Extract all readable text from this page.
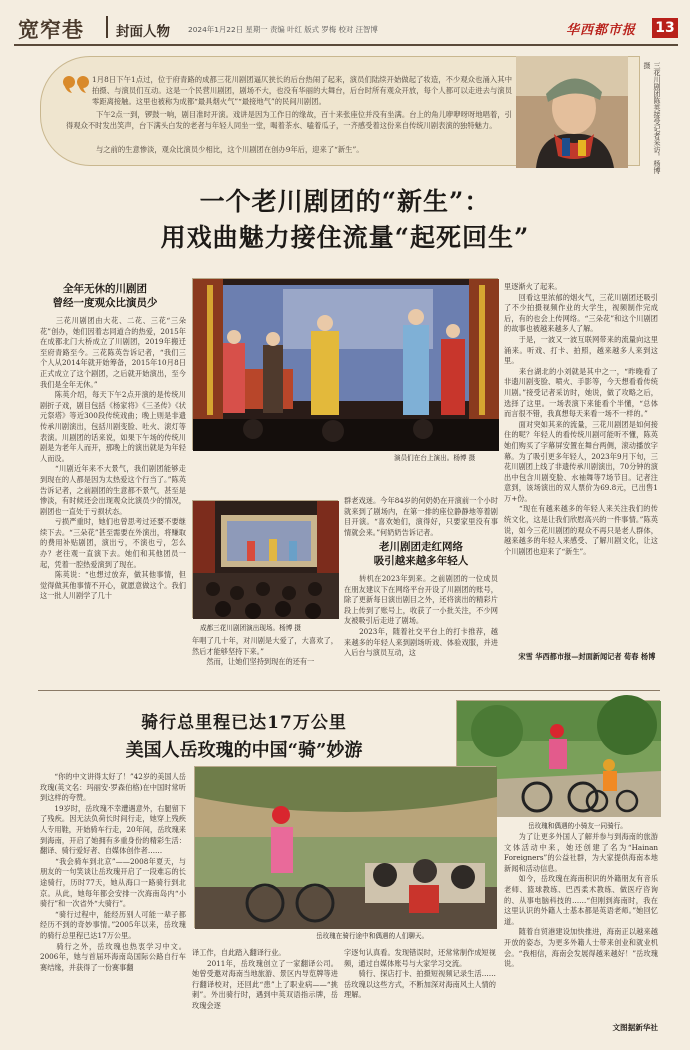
宽窄巷 封面人物 2024年1月22日 星期一 责编 叶红 版式 罗梅 校对 汪智博	华西都市报 13
1月8日下午1点过，位于府青路的成都三花川剧团逼仄狭长的后台热闹了起来，演员们陆续开始做起了妆造，不少观众也涌入其中拍摄、与演员们互动。这是一个民营川剧团，剧场不大，也没有华丽的大舞台，后台时所有观众开放，每个人都可以走进去与演员零距离接触。这里也被称为成都“最具烟火气”“最接地气”的民间川剧团。
下午2点一到，锣鼓一响，剧目准时开演。戏讲是因为工作日的缘故，百十来张座位并没有坐满。台上的角儿咿咿呀呀地唱着，引得观众不时发出笑声，台下满头白发的老者与年轻人同坐一堂，喝着茶水、嗑着瓜子，一齐感受着这份来自传统川剧表演的独特魅力。
与之前的生意惨淡，观众比演员少相比，这个川剧团在创办9年后，迎来了“新生”。	三花川剧团陈英接受记者采访。杨博 摄
一个老川剧团的“新生”：
用戏曲魅力接住流量“起死回生”
全年无休的川剧团
曾经一度观众比演员少
　　三花川剧团由大花、二花、三花“三朵花”创办，她们因着志同道合的热爱，2015年在成都北门大桥成立了川剧团，2019年搬迁至府青路至今。三花陈英告诉记者，“我们三个人从2014年就开始筹备，2015年10月8日正式成立了这个剧团，之后就开始演出，至今我们是全年无休。”
　　陈英介绍，每天下午2点开演的是传统川剧折子戏，剧目包括《杨家将》《三圣传》《状元祭塔》等近300段传统戏曲；晚上则是非遗传承川剧演出，包括川剧变脸、吐火、滚灯等表演。川剧团的话来说，如果下午场的传统川剧是为老年人而开，那晚上的演出就是为年轻人而设。
　　“川剧近年来不大景气，我们剧团能够走到现在的人都是因为太热爱这个行当了。”陈英告诉记者，之前剧团的生意都不景气，甚至是惨淡，有时候还会出现观众比演员少的情况，剧团也一直处于亏损状态。
　　亏损严重时，她们也曾思考过还要不要继续下去。“三朵花”甚至需要在外演出，将赚取的费用补贴剧团，演出亏，不演也亏，怎么办？老往观一直演下去。她们和其他团员一起，凭着一腔热爱演到了现在。
　　陈英说：“也想过放弃，做其他事情，但觉得做其他事情不开心，就愿意做这个。我们这一批人川剧学了几十
演员们在台上演出。杨博 摄
成都三花川剧团演出现场。杨博 摄
年唱了几十年，对川剧是大爱了，大喜欢了，然后才能够坚持下来。”
　　然而，让她们坚持到现在的还有一
群老戏迷。今年84岁的何奶奶在开演前一个小时就来到了剧场内，在第一排的座位静静地等着剧目开演。“喜欢她们，演得好，只要家里没有事情就会来。”何奶奶告诉记者。
老川剧团走红网络
吸引越来越多年轻人
　　转机在2023年到来。之前剧团的一位成员在朋友建议下在网络平台开设了川剧团的账号，除了更新每日演出剧目之外，还将演出的精彩片段上传到了账号上，收获了一小批关注，不少网友被吸引后走进了剧场。
　　2023年，随着社交平台上的打卡推荐，越来越多的年轻人来到剧场听戏、体验戏服，并进入后台与演员互动，这
里逐渐火了起来。
　　回看这里浓郁的烟火气，三花川剧团还吸引了不少拍摄视频作业的大学生，视频制作完成后，有的也会上传网络。“三朵花”和这个川剧团的故事也被越来越多人了解。
　　于是，一波又一波互联网带来的流量向这里涌来。听戏、打卡、拍照，越来越多人来到这里。
　　来台湖北的小刘就是其中之一，“昨晚看了非遗川剧变脸、喷火、手影等，今天想看看传统川剧。”接受记者采访时，她说，做了攻略之后，选择了这里。一场表演下来能看个半懂，“总体而言很不错，我真想每天来看一场不一样的。”
　　面对突如其来的流量，三花川剧团是如何接住的呢？年轻人的看传统川剧可能听不懂，陈英她们购买了字幕屏安置在舞台两侧，滚动播放字幕。为了吸引更多年轻人，2023年9月下旬，三花川剧团上线了非遗传承川剧演出，70分钟的演出中包含川剧变脸、水袖舞等7场节目。记者注意到，该场演出的双人票价为69.8元，已出售1万+份。
　　“现在有越来越多的年轻人来关注我们的传统文化，这是让我们欣慰高兴的一件事情。”陈英说，如今三花川剧团的观众不再只是老人群体，越来越多的年轻人来感受、了解川剧文化，让这个川剧团也迎来了“新生”。
　　宋雪 华西都市报—封面新闻记者 荀春 杨博
骑行总里程已达17万公里
美国人岳玫瑰的中国“骑”妙游
岳玫瑰和偶遇的小骑友一同骑行。
岳玫瑰在骑行途中和偶遇的人们聊天。
　　“你的中文讲得太好了！”42岁的美国人岳玫瑰(英文名：玛丽安·罗森伯格)在中国时常听到这样的夸赞。
　　19岁时，岳玫瑰不幸遭遇意外，右腿留下了残疾。因无法负荷长时间行走，她穿上残疾人专用鞋，开始骑车行走，20年间，岳玫瑰来到海南，开启了她拥有多重身份的精彩生活：翻译、骑行爱好者、自媒体创作者……
　　“我会骑车到北京”——2008年夏天，与朋友的一句笑谈让岳玫瑰开启了一段难忘的长途骑行，历时77天，她从海口一路骑行到北京。从此，她每年都会安排一次海南岛内“小骑行”和一次省外“大骑行”。
　　“骑行过程中，能经历别人可能一辈子都经历不到的奇妙事情。”2005年以来，岳玫瑰的骑行总里程已达17万公里。
　　骑行之外，岳玫瑰也热衷学习中文。2006年，她与首届环海南岛国际公路自行车赛结缘，并获得了一份赛事翻
译工作，自此踏入翻译行业。
　　2011年，岳玫瑰创立了一家翻译公司。她曾受邀对海南当地旅游、景区内导览牌等进行翻译校对，还回此“患”上了职业病——“挑刺”。外出骑行时，遇到中英双语指示牌，岳玫瑰会逐
字逐句认真看。发现错误时，还常常制作成短视频，通过自媒体账号与大家学习交流。
　　骑行、探店打卡、拍摄短视频记录生活……岳玫瑰以这些方式，不断加深对海南风土人情的理解。
　　为了让更多外国人了解并参与到海南的旅游文体活动中来，她还创建了名为“Hainan Foreigners”的公益社群，为大家提供海南本地新闻和活动信息。
　　如今，岳玫瑰在海南积识的外籍朋友有音乐老师、篮球教练、巴西柔术教练、做医疗咨询的、从事电脑科技的……“但刚到海南时，我在这里认识的外籍人士基本都是英语老师。”她回忆道。
　　随着自贸港建设加快推进，海南正以越来越开放的姿态，为更多外籍人士带来创业和就业机会。“我相信，海南会发展得越来越好！”岳玫瑰说。
文图据新华社
